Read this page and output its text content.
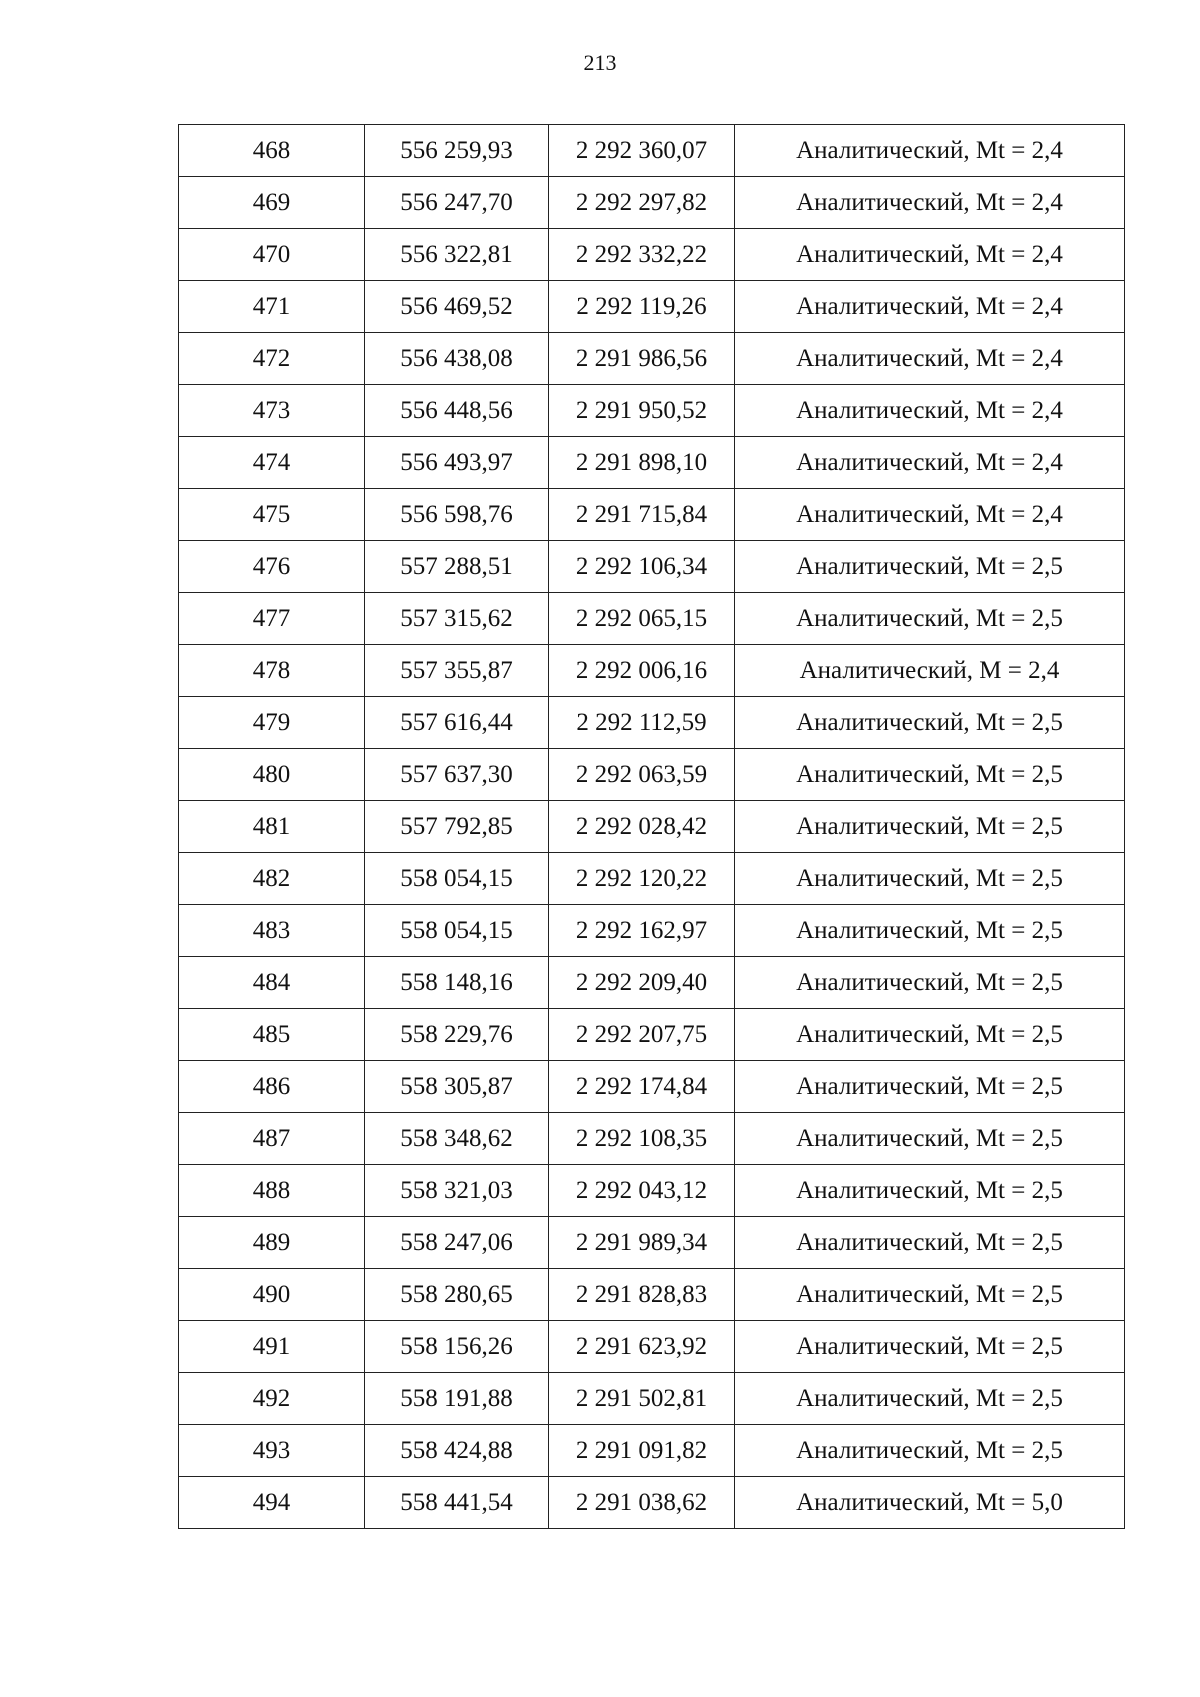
213
468	556 259,93	2 292 360,07	Аналитический, Mt = 2,4
469	556 247,70	2 292 297,82	Аналитический, Mt = 2,4
470	556 322,81	2 292 332,22	Аналитический, Mt = 2,4
471	556 469,52	2 292 119,26	Аналитический, Mt = 2,4
472	556 438,08	2 291 986,56	Аналитический, Mt = 2,4
473	556 448,56	2 291 950,52	Аналитический, Mt = 2,4
474	556 493,97	2 291 898,10	Аналитический, Mt = 2,4
475	556 598,76	2 291 715,84	Аналитический, Mt = 2,4
476	557 288,51	2 292 106,34	Аналитический, Mt = 2,5
477	557 315,62	2 292 065,15	Аналитический, Mt = 2,5
478	557 355,87	2 292 006,16	Аналитический, M = 2,4
479	557 616,44	2 292 112,59	Аналитический, Mt = 2,5
480	557 637,30	2 292 063,59	Аналитический, Mt = 2,5
481	557 792,85	2 292 028,42	Аналитический, Mt = 2,5
482	558 054,15	2 292 120,22	Аналитический, Mt = 2,5
483	558 054,15	2 292 162,97	Аналитический, Mt = 2,5
484	558 148,16	2 292 209,40	Аналитический, Mt = 2,5
485	558 229,76	2 292 207,75	Аналитический, Mt = 2,5
486	558 305,87	2 292 174,84	Аналитический, Mt = 2,5
487	558 348,62	2 292 108,35	Аналитический, Mt = 2,5
488	558 321,03	2 292 043,12	Аналитический, Mt = 2,5
489	558 247,06	2 291 989,34	Аналитический, Mt = 2,5
490	558 280,65	2 291 828,83	Аналитический, Mt = 2,5
491	558 156,26	2 291 623,92	Аналитический, Mt = 2,5
492	558 191,88	2 291 502,81	Аналитический, Mt = 2,5
493	558 424,88	2 291 091,82	Аналитический, Mt = 2,5
494	558 441,54	2 291 038,62	Аналитический, Mt = 5,0
